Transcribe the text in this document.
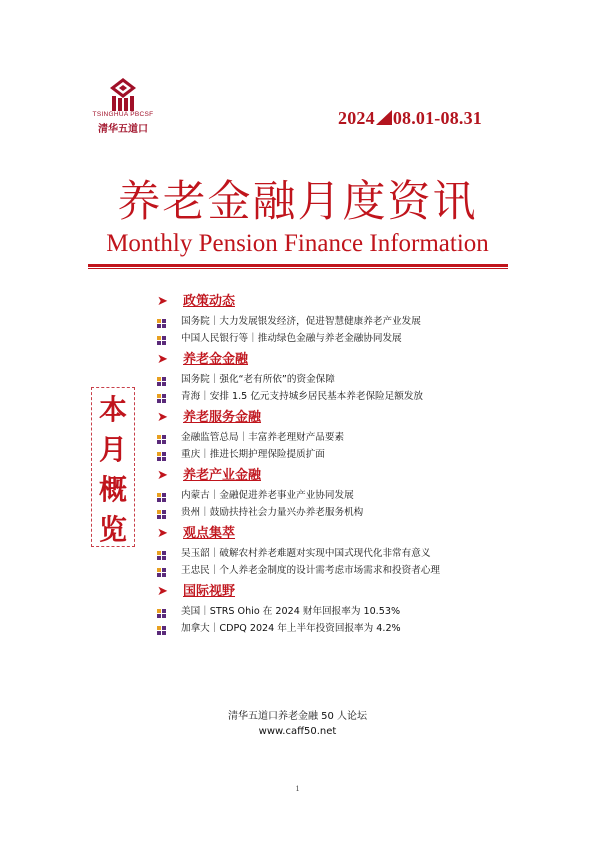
TSINGHUA PBCSF
清华五道口
2024 08.01-08.31
养老金融月度资讯
Monthly Pension Finance Information
本
月
概
览
➤ 政策动态
国务院｜大力发展银发经济，促进智慧健康养老产业发展
中国人民银行等｜推动绿色金融与养老金融协同发展
➤ 养老金金融
国务院｜强化“老有所依”的资金保障
青海｜安排 1.5 亿元支持城乡居民基本养老保险足额发放
➤ 养老服务金融
金融监管总局｜丰富养老理财产品要素
重庆｜推进长期护理保险提质扩面
➤ 养老产业金融
内蒙古｜金融促进养老事业产业协同发展
贵州｜鼓励扶持社会力量兴办养老服务机构
➤ 观点集萃
吴玉韶｜破解农村养老难题对实现中国式现代化非常有意义
王忠民｜个人养老金制度的设计需考虑市场需求和投资者心理
➤ 国际视野
美国｜STRS Ohio 在 2024 财年回报率为 10.53%
加拿大｜CDPQ 2024 年上半年投资回报率为 4.2%
清华五道口养老金融 50 人论坛
www.caff50.net
1
